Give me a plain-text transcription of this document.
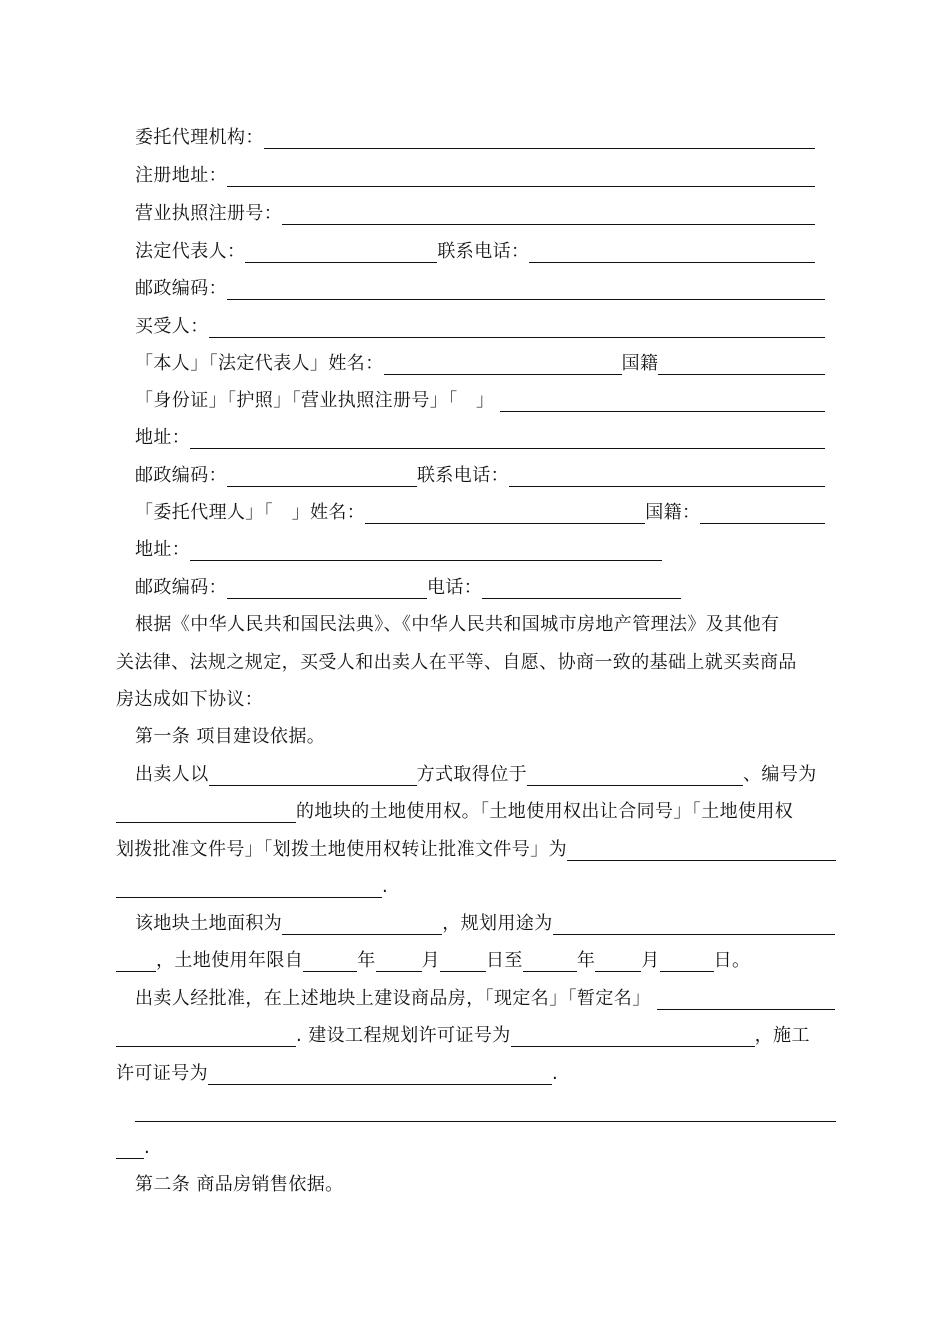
委托代理机构：
注册地址：
营业执照注册号：
法定代表人：	联系电话：
邮政编码：
买受人：
「本人」「法定代表人」姓名：	国籍
「身份证」「护照」「营业执照注册号」「　」
地址：
邮政编码：	联系电话：
「委托代理人」「　」姓名：	国籍：
地址：
邮政编码：	电话：
根据《中华人民共和国民法典》、《中华人民共和国城市房地产管理法》及其他有
关法律、法规之规定，买受人和出卖人在平等、自愿、协商一致的基础上就买卖商品
房达成如下协议：
第一条 项目建设依据。
出卖人以	方式取得位于	、编号为
的地块的土地使用权。「土地使用权出让合同号」「土地使用权
划拨批准文件号」「划拨土地使用权转让批准文件号」为
.
该地块土地面积为	，规划用途为
，土地使用年限自	年	月	日至	年	月	日。
出卖人经批准，在上述地块上建设商品房，「现定名」「暂定名」
. 建设工程规划许可证号为	，施工
许可证号为	.
.
第二条 商品房销售依据。
